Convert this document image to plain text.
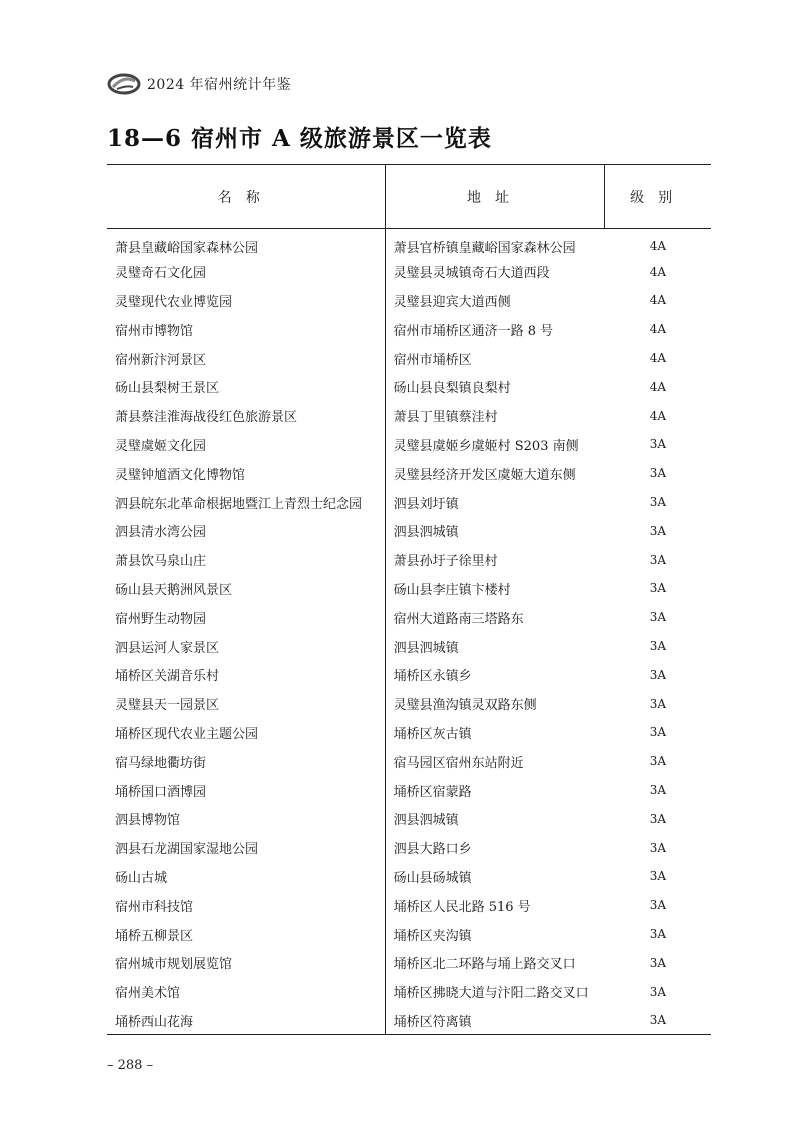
2024 年宿州统计年鉴
18—6 宿州市 A 级旅游景区一览表
名称	地址	级别
萧县皇藏峪国家森林公园	萧县官桥镇皇藏峪国家森林公园	4A
灵璧奇石文化园	灵璧县灵城镇奇石大道西段	4A
灵璧现代农业博览园	灵璧县迎宾大道西侧	4A
宿州市博物馆	宿州市埇桥区通济一路 8 号	4A
宿州新汴河景区	宿州市埇桥区	4A
砀山县梨树王景区	砀山县良梨镇良梨村	4A
萧县蔡洼淮海战役红色旅游景区	萧县丁里镇蔡洼村	4A
灵璧虞姬文化园	灵璧县虞姬乡虞姬村 S203 南侧	3A
灵璧钟馗酒文化博物馆	灵璧县经济开发区虞姬大道东侧	3A
泗县皖东北革命根据地暨江上青烈士纪念园	泗县刘圩镇	3A
泗县清水湾公园	泗县泗城镇	3A
萧县饮马泉山庄	萧县孙圩子徐里村	3A
砀山县天鹅洲风景区	砀山县李庄镇卞楼村	3A
宿州野生动物园	宿州大道路南三塔路东	3A
泗县运河人家景区	泗县泗城镇	3A
埇桥区关湖音乐村	埇桥区永镇乡	3A
灵璧县天一园景区	灵璧县渔沟镇灵双路东侧	3A
埇桥区现代农业主题公园	埇桥区灰古镇	3A
宿马绿地衢坊街	宿马园区宿州东站附近	3A
埇桥国口酒博园	埇桥区宿蒙路	3A
泗县博物馆	泗县泗城镇	3A
泗县石龙湖国家湿地公园	泗县大路口乡	3A
砀山古城	砀山县砀城镇	3A
宿州市科技馆	埇桥区人民北路 516 号	3A
埇桥五柳景区	埇桥区夹沟镇	3A
宿州城市规划展览馆	埇桥区北二环路与埇上路交叉口	3A
宿州美术馆	埇桥区拂晓大道与汴阳二路交叉口	3A
埇桥西山花海	埇桥区符离镇	3A
– 288 –
